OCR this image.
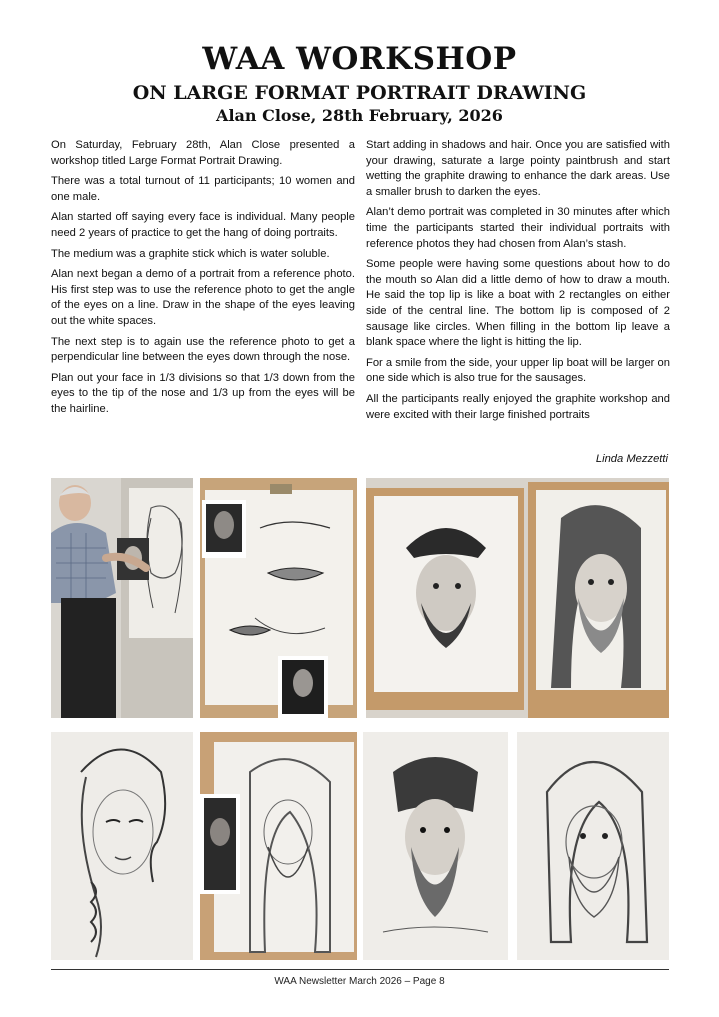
WAA WORKSHOP
ON LARGE FORMAT PORTRAIT DRAWING
Alan Close, 28th February, 2026

On Saturday, February 28th, Alan Close presented a workshop titled Large Format Portrait Drawing.

There was a total turnout of 11 participants; 10 women and one male.

Alan started off saying every face is individual. Many people need 2 years of practice to get the hang of doing portraits.

The medium was a graphite stick which is water soluble.

Alan next began a demo of a portrait from a reference photo. His first step was to use the reference photo to get the angle of the eyes on a line. Draw in the shape of the eyes leaving out the white spaces.

The next step is to again use the reference photo to get a perpendicular line between the eyes down through the nose.

Plan out your face in 1/3 divisions so that 1/3 down from the eyes to the tip of the nose and 1/3 up from the eyes will be the hairline.

Start adding in shadows and hair. Once you are satisfied with your drawing, saturate a large pointy paintbrush and start wetting the graphite drawing to enhance the dark areas. Use a smaller brush to darken the eyes.

Alan’t demo portrait was completed in 30 minutes after which time the participants started their individual portraits with reference photos they had chosen from Alan’s stash.

Some people were having some questions about how to do the mouth so Alan did a little demo of how to draw a mouth. He said the top lip is like a boat with 2 rectangles on either side of the central line. The bottom lip is composed of 2 sausage like circles. When filling in the bottom lip leave a blank space where the light is hitting the lip.

For a smile from the side, your upper lip boat will be larger on one side which is also true for the sausages.

All the participants really enjoyed the graphite workshop and were excited with their large finished portraits

Linda Mezzetti
WAA Newsletter March 2026 – Page 8
